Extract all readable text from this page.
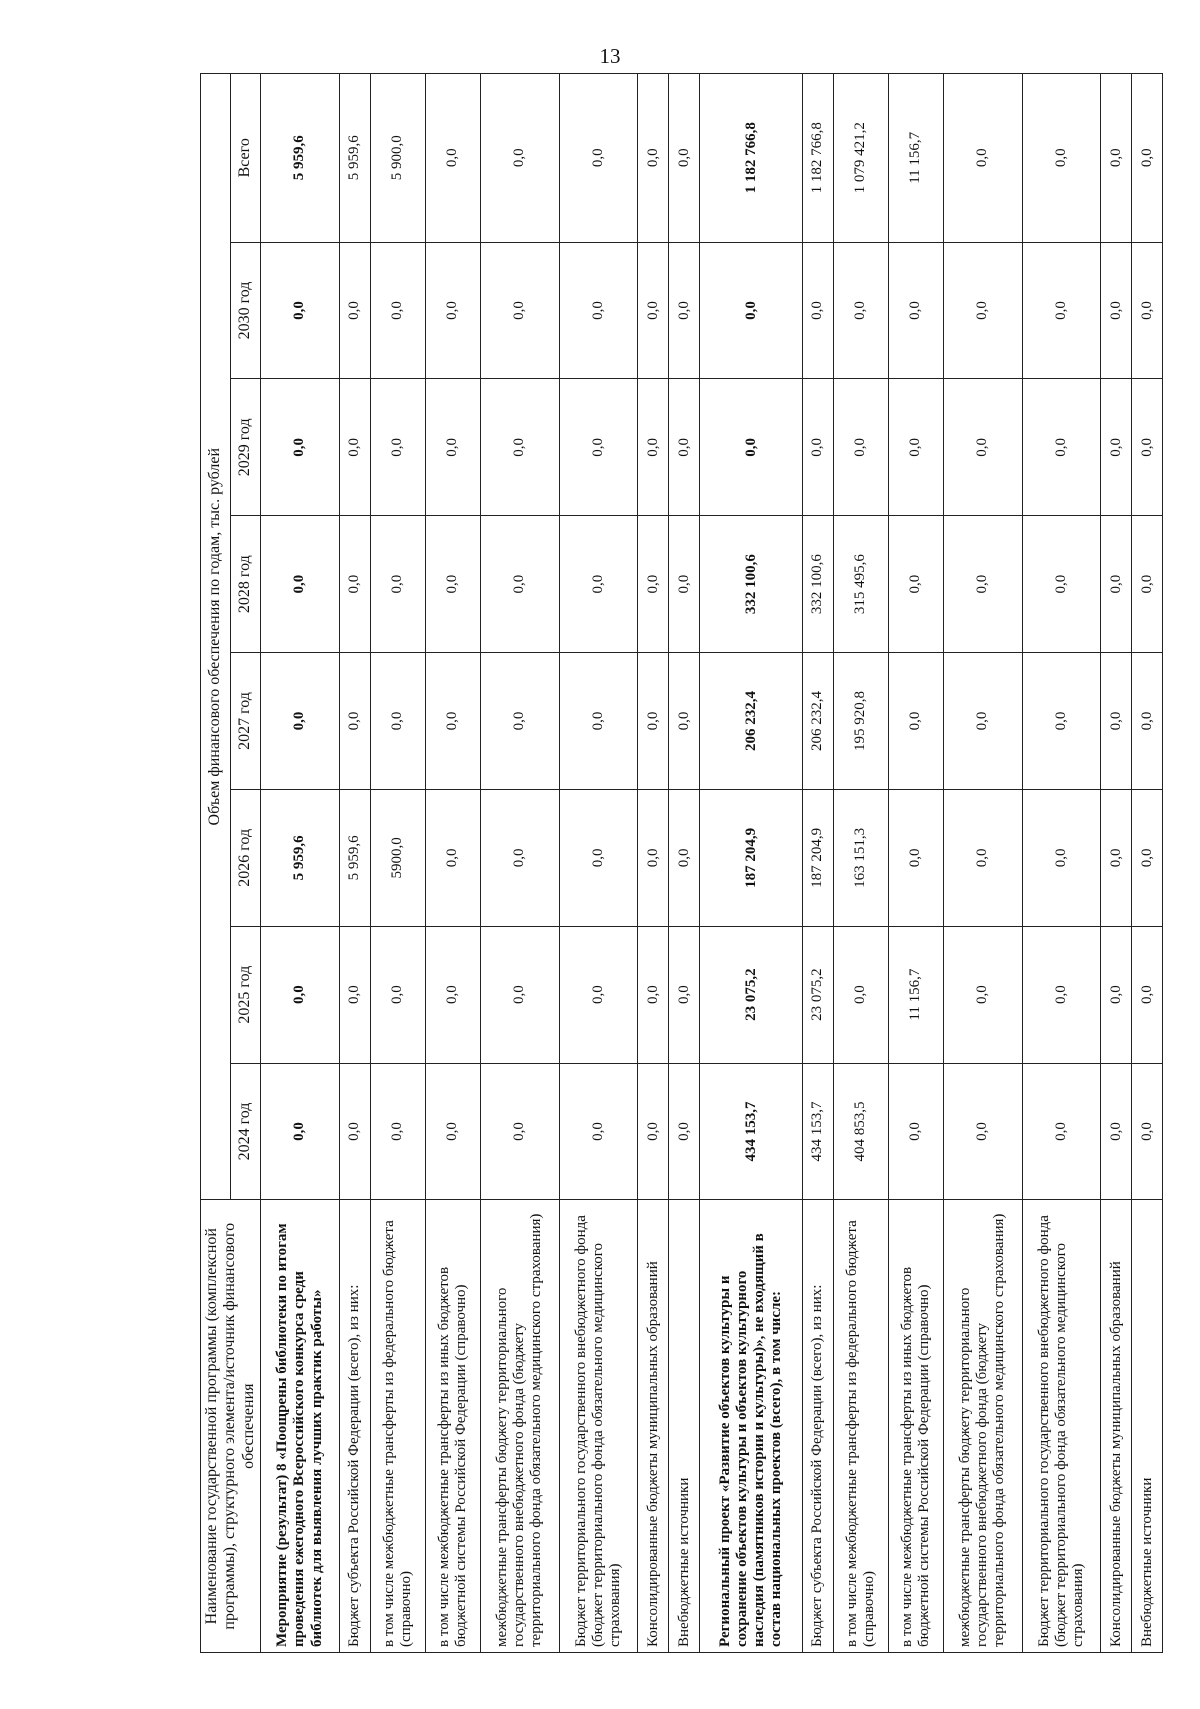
13
Наименование государственной программы (комплексной программы), структурного элемента/источник финансового обеспечения	Объем финансового обеспечения по годам, тыс. рублей							
	2024 год	2025 год	2026 год	2027 год	2028 год	2029 год	2030 год	Всего
Мероприятие (результат) 8 «Поощрены библиотеки по итогам проведения ежегодного Всероссийского конкурса среди библиотек для выявления лучших практик работы»	0,0	0,0	5 959,6	0,0	0,0	0,0	0,0	5 959,6
Бюджет субъекта Российской Федерации (всего), из них:	0,0	0,0	5 959,6	0,0	0,0	0,0	0,0	5 959,6
в том числе межбюджетные трансферты из федерального бюджета (справочно)	0,0	0,0	5900,0	0,0	0,0	0,0	0,0	5 900,0
в том числе межбюджетные трансферты из иных бюджетов бюджетной системы Российской Федерации (справочно)	0,0	0,0	0,0	0,0	0,0	0,0	0,0	0,0
межбюджетные трансферты бюджету территориального государственного внебюджетного фонда (бюджету территориального фонда обязательного медицинского страхования)	0,0	0,0	0,0	0,0	0,0	0,0	0,0	0,0
Бюджет территориального государственного внебюджетного фонда (бюджет территориального фонда обязательного медицинского страхования)	0,0	0,0	0,0	0,0	0,0	0,0	0,0	0,0
Консолидированные бюджеты муниципальных образований	0,0	0,0	0,0	0,0	0,0	0,0	0,0	0,0
Внебюджетные источники	0,0	0,0	0,0	0,0	0,0	0,0	0,0	0,0
Региональный проект «Развитие объектов культуры и сохранение объектов культуры и объектов культурного наследия (памятников истории и культуры)», не входящий в состав национальных проектов (всего), в том числе:	434 153,7	23 075,2	187 204,9	206 232,4	332 100,6	0,0	0,0	1 182 766,8
Бюджет субъекта Российской Федерации (всего), из них:	434 153,7	23 075,2	187 204,9	206 232,4	332 100,6	0,0	0,0	1 182 766,8
в том числе межбюджетные трансферты из федерального бюджета (справочно)	404 853,5	0,0	163 151,3	195 920,8	315 495,6	0,0	0,0	1 079 421,2
в том числе межбюджетные трансферты из иных бюджетов бюджетной системы Российской Федерации (справочно)	0,0	11 156,7	0,0	0,0	0,0	0,0	0,0	11 156,7
межбюджетные трансферты бюджету территориального государственного внебюджетного фонда (бюджету территориального фонда обязательного медицинского страхования)	0,0	0,0	0,0	0,0	0,0	0,0	0,0	0,0
Бюджет территориального государственного внебюджетного фонда (бюджет территориального фонда обязательного медицинского страхования)	0,0	0,0	0,0	0,0	0,0	0,0	0,0	0,0
Консолидированные бюджеты муниципальных образований	0,0	0,0	0,0	0,0	0,0	0,0	0,0	0,0
Внебюджетные источники	0,0	0,0	0,0	0,0	0,0	0,0	0,0	0,0
